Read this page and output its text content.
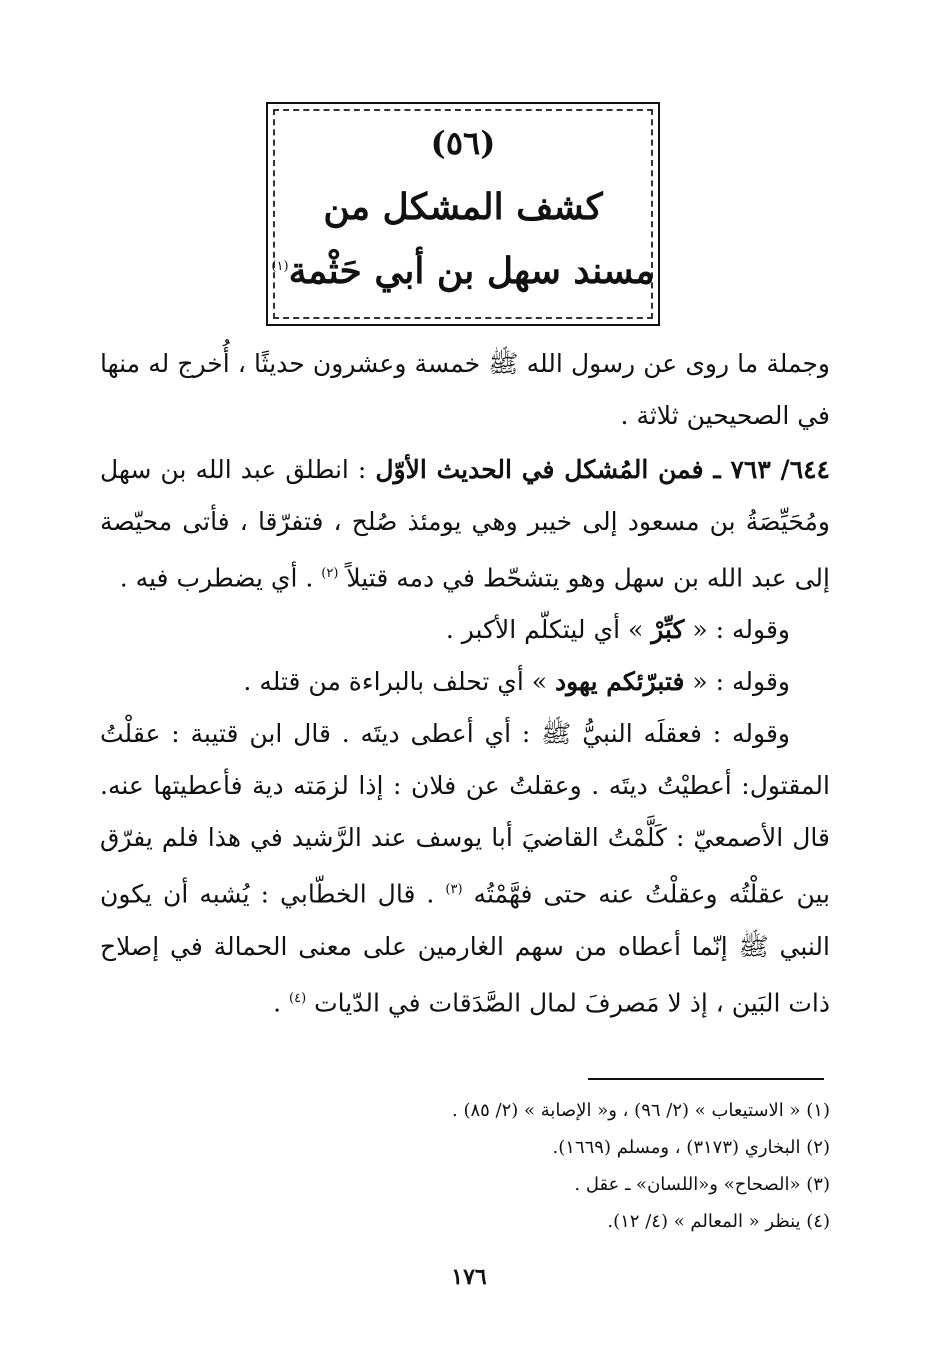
(٥٦)
كشف المشكل من
مسند سهل بن أبي حَثْمة$^{(١)}$
وجملة ما روى عن رسول الله ﷺ خمسة وعشرون حديثًا ، أُخرج له منها في الصحيحين ثلاثة .
٦٤٤/ ٧٦٣ ـ فمن المُشكل في الحديث الأوّل : انطلق عبد الله بن سهل ومُحَيِّصَةُ بن مسعود إلى خيبر وهي يومئذ صُلح ، فتفرّقا ، فأتى محيّصة إلى عبد الله بن سهل وهو يتشحّط في دمه قتيلاً $^{(٢)}$ . أي يضطرب فيه .
وقوله : « كبِّرْ » أي ليتكلّم الأكبر .
وقوله : « فتبرّئكم يهود » أي تحلف بالبراءة من قتله .
وقوله : فعقلَه النبيُّ ﷺ : أي أعطى ديتَه . قال ابن قتيبة : عقلْتُ المقتول: أعطيْتُ ديتَه . وعقلتُ عن فلان : إذا لزمَته دية فأعطيتها عنه. قال الأصمعيّ : كَلَّمْتُ القاضيَ أبا يوسف عند الرَّشيد في هذا فلم يفرّق بين عقلْتُه وعقلْتُ عنه حتى فهَّمْتُه $^{(٣)}$ . قال الخطّابي : يُشبه أن يكون النبي ﷺ إنّما أعطاه من سهم الغارمين على معنى الحمالة في إصلاح ذات البَين ، إذ لا مَصرفَ لمال الصَّدَقات في الدّيات $^{(٤)}$ .
(١) « الاستيعاب » (٢/ ٩٦) ، و« الإصابة » (٢/ ٨٥) .
(٢) البخاري (٣١٧٣) ، ومسلم (١٦٦٩).
(٣) «الصحاح» و«اللسان» ـ عقل .
(٤) ينظر « المعالم » (٤/ ١٢).
١٧٦
